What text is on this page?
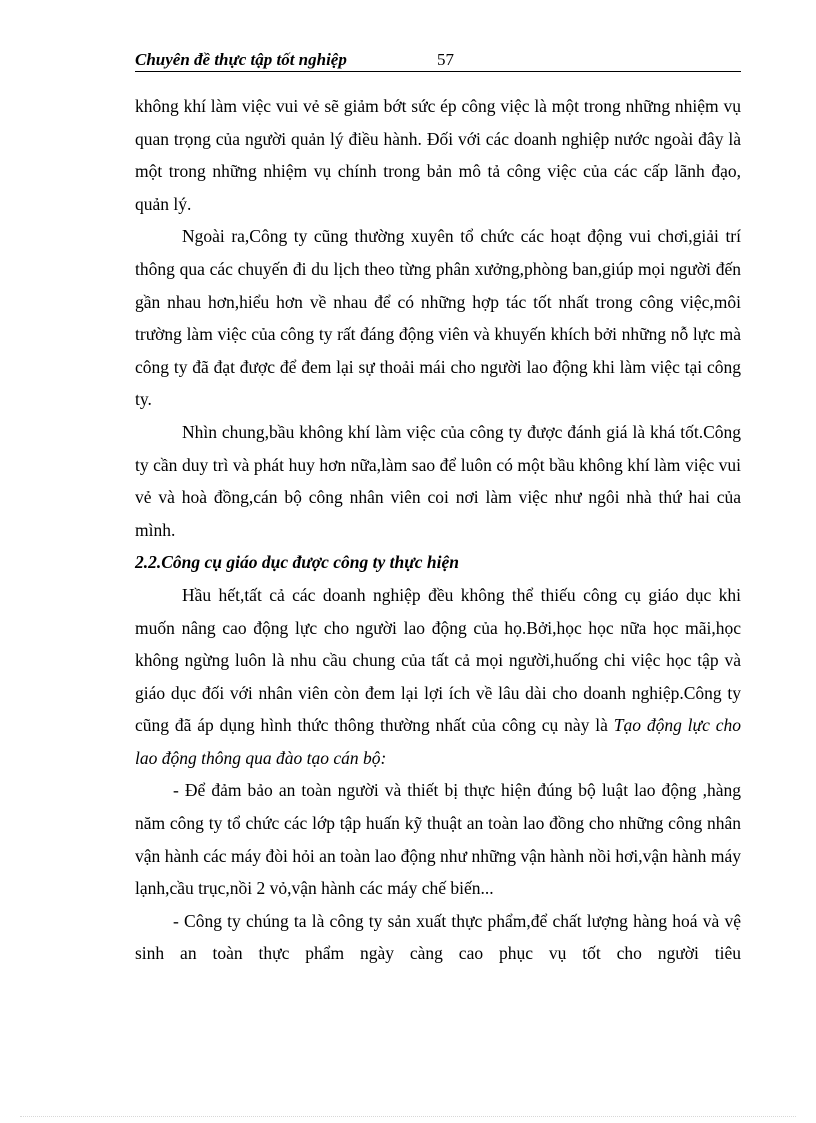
Chuyên đề thực tập tốt nghiệp	57

không khí làm việc vui vẻ sẽ giảm bớt sức ép công việc là một trong những nhiệm vụ quan trọng của người quản lý điều hành. Đối với các doanh nghiệp nước ngoài đây là một trong những nhiệm vụ chính trong bản mô tả công việc của các cấp lãnh đạo, quản lý.

Ngoài ra,Công ty cũng thường xuyên tổ chức các hoạt động vui chơi,giải trí thông qua các chuyến đi du lịch theo từng phân xưởng,phòng ban,giúp mọi người đến gần nhau hơn,hiểu hơn về nhau để có những hợp tác tốt nhất trong công việc,môi trường làm việc của công ty rất đáng động viên và khuyến khích bởi những nỗ lực mà công ty đã đạt được để đem lại sự thoải mái cho người lao động khi làm việc tại công ty.

Nhìn chung,bầu không khí làm việc của công ty được đánh giá là khá tốt.Công ty cần duy trì và phát huy hơn nữa,làm sao để luôn có một bầu không khí làm việc vui vẻ và hoà đồng,cán bộ công nhân viên coi nơi làm việc như ngôi nhà thứ hai của mình.

2.2.Công cụ giáo dục được công ty thực hiện

Hầu hết,tất cả các doanh nghiệp đều không thể thiếu công cụ giáo dục khi muốn nâng cao động lực cho người lao động của họ.Bởi,học học nữa học mãi,học không ngừng luôn là nhu cầu chung của tất cả mọi người,huống chi việc học tập và giáo dục đối với nhân viên còn đem lại lợi ích về lâu dài cho doanh nghiệp.Công ty cũng đã áp dụng hình thức thông thường nhất của công cụ này là Tạo động lực cho lao động thông qua đào tạo cán bộ:

- Để đảm bảo an toàn người và thiết bị thực hiện đúng bộ luật lao động ,hàng năm công ty tổ chức các lớp tập huấn kỹ thuật an toàn lao đồng cho những công nhân vận hành các máy đòi hỏi an toàn lao động như những vận hành nồi hơi,vận hành máy lạnh,cầu trục,nồi 2 vỏ,vận hành các máy chế biến...

- Công ty chúng ta là công ty sản xuất thực phẩm,để chất lượng hàng hoá và vệ sinh an toàn thực phẩm ngày càng cao phục vụ tốt cho người tiêu
